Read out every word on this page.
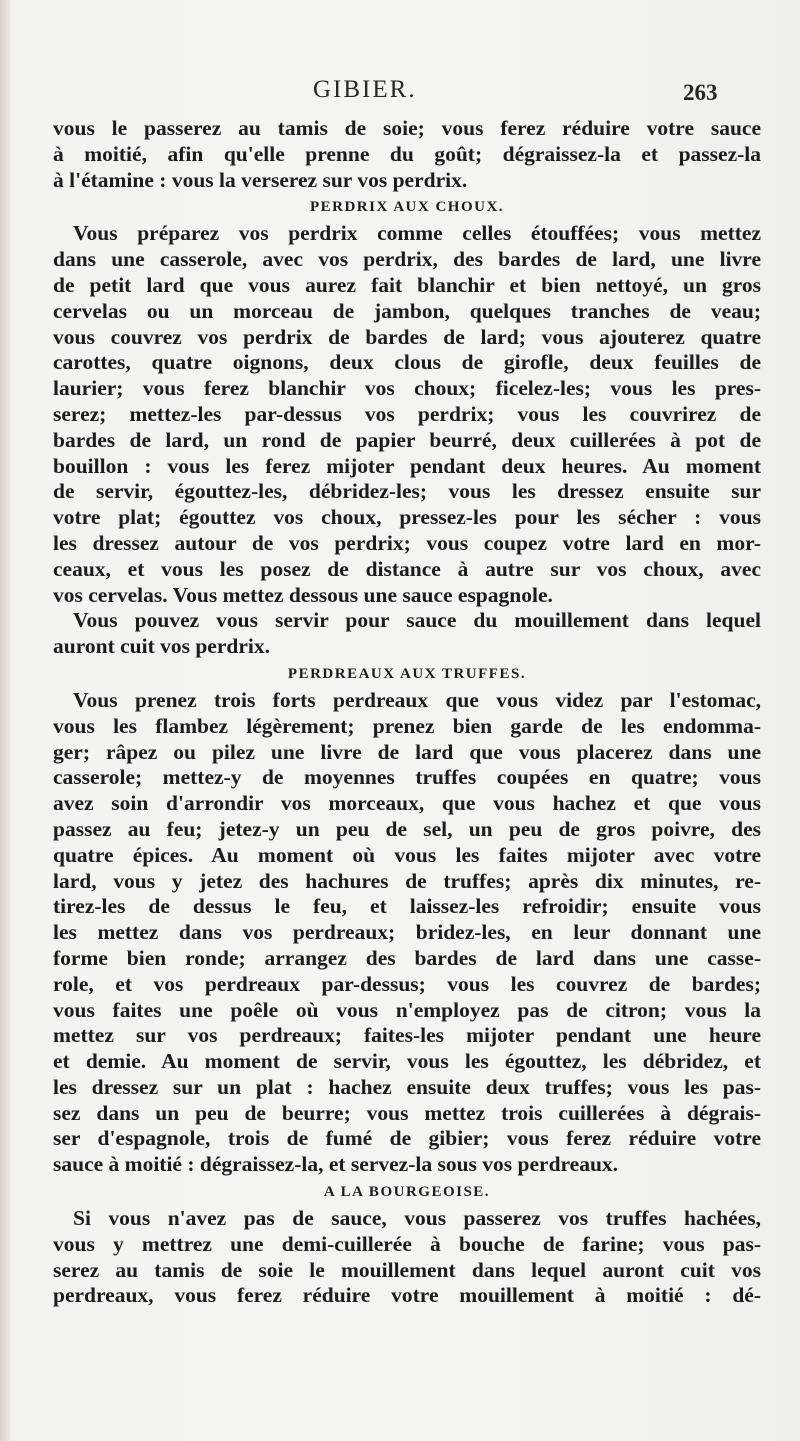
GIBIER.	263
vous le passerez au tamis de soie; vous ferez réduire votre sauce
à moitié, afin qu'elle prenne du goût; dégraissez-la et passez-la
à l'étamine : vous la verserez sur vos perdrix.
PERDRIX AUX CHOUX.
Vous préparez vos perdrix comme celles étouffées; vous mettez
dans une casserole, avec vos perdrix, des bardes de lard, une livre
de petit lard que vous aurez fait blanchir et bien nettoyé, un gros
cervelas ou un morceau de jambon, quelques tranches de veau;
vous couvrez vos perdrix de bardes de lard; vous ajouterez quatre
carottes, quatre oignons, deux clous de girofle, deux feuilles de
laurier; vous ferez blanchir vos choux; ficelez-les; vous les pres-
serez; mettez-les par-dessus vos perdrix; vous les couvrirez de
bardes de lard, un rond de papier beurré, deux cuillerées à pot de
bouillon : vous les ferez mijoter pendant deux heures. Au moment
de servir, égouttez-les, débridez-les; vous les dressez ensuite sur
votre plat; égouttez vos choux, pressez-les pour les sécher : vous
les dressez autour de vos perdrix; vous coupez votre lard en mor-
ceaux, et vous les posez de distance à autre sur vos choux, avec
vos cervelas. Vous mettez dessous une sauce espagnole.
Vous pouvez vous servir pour sauce du mouillement dans lequel
auront cuit vos perdrix.
PERDREAUX AUX TRUFFES.
Vous prenez trois forts perdreaux que vous videz par l'estomac,
vous les flambez légèrement; prenez bien garde de les endomma-
ger; râpez ou pilez une livre de lard que vous placerez dans une
casserole; mettez-y de moyennes truffes coupées en quatre; vous
avez soin d'arrondir vos morceaux, que vous hachez et que vous
passez au feu; jetez-y un peu de sel, un peu de gros poivre, des
quatre épices. Au moment où vous les faites mijoter avec votre
lard, vous y jetez des hachures de truffes; après dix minutes, re-
tirez-les de dessus le feu, et laissez-les refroidir; ensuite vous
les mettez dans vos perdreaux; bridez-les, en leur donnant une
forme bien ronde; arrangez des bardes de lard dans une casse-
role, et vos perdreaux par-dessus; vous les couvrez de bardes;
vous faites une poêle où vous n'employez pas de citron; vous la
mettez sur vos perdreaux; faites-les mijoter pendant une heure
et demie. Au moment de servir, vous les égouttez, les débridez, et
les dressez sur un plat : hachez ensuite deux truffes; vous les pas-
sez dans un peu de beurre; vous mettez trois cuillerées à dégrais-
ser d'espagnole, trois de fumé de gibier; vous ferez réduire votre
sauce à moitié : dégraissez-la, et servez-la sous vos perdreaux.
A LA BOURGEOISE.
Si vous n'avez pas de sauce, vous passerez vos truffes hachées,
vous y mettrez une demi-cuillerée à bouche de farine; vous pas-
serez au tamis de soie le mouillement dans lequel auront cuit vos
perdreaux, vous ferez réduire votre mouillement à moitié : dé-
